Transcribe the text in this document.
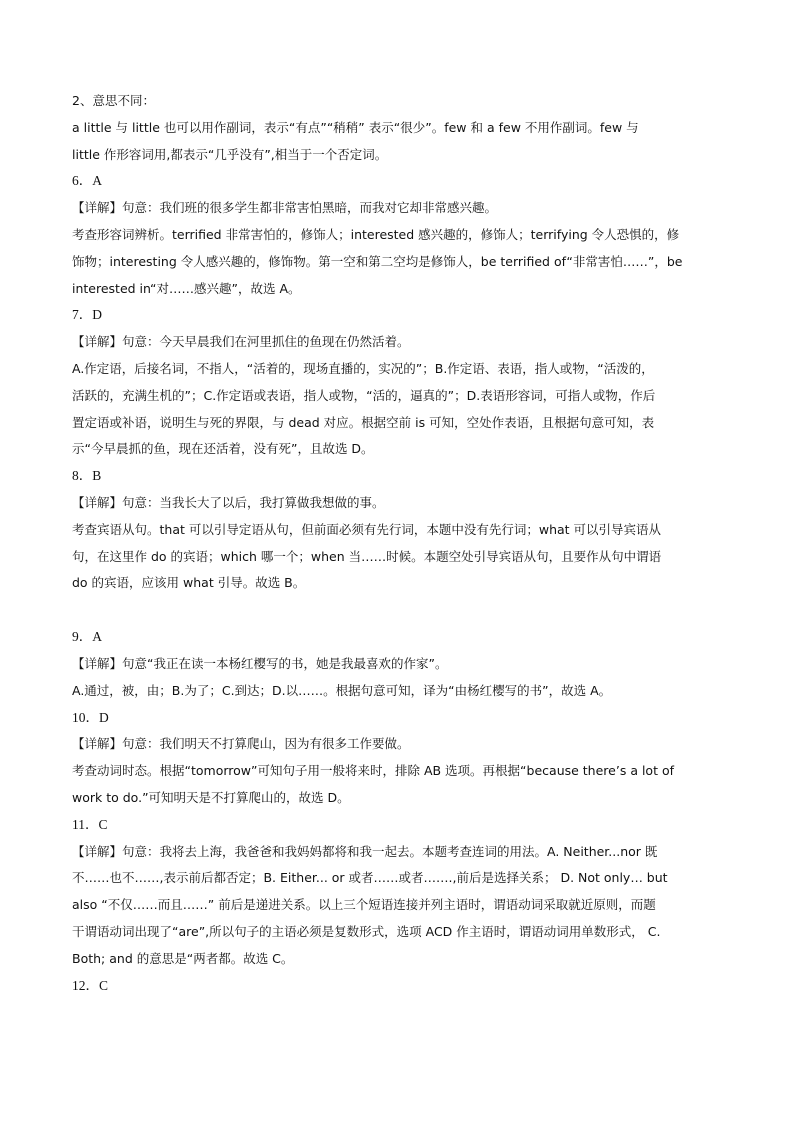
2、意思不同：
a little 与 little 也可以用作副词，表示“有点”“稍稍” 表示“很少”。few 和 a few 不用作副词。few 与
little 作形容词用,都表示“几乎没有”,相当于一个否定词。
6．A
【详解】句意：我们班的很多学生都非常害怕黑暗，而我对它却非常感兴趣。
考查形容词辨析。terrified 非常害怕的，修饰人；interested 感兴趣的，修饰人；terrifying 令人恐惧的，修
饰物；interesting 令人感兴趣的，修饰物。第一空和第二空均是修饰人，be terrified of“非常害怕……”，be
interested in“对……感兴趣”，故选 A。
7．D
【详解】句意：今天早晨我们在河里抓住的鱼现在仍然活着。
A.作定语，后接名词，不指人，“活着的，现场直播的，实况的”；B.作定语、表语，指人或物，“活泼的，
活跃的，充满生机的”；C.作定语或表语，指人或物，“活的，逼真的”；D.表语形容词，可指人或物，作后
置定语或补语，说明生与死的界限，与 dead 对应。根据空前 is 可知，空处作表语，且根据句意可知，表
示“今早晨抓的鱼，现在还活着，没有死”，且故选 D。
8．B
【详解】句意：当我长大了以后，我打算做我想做的事。
考查宾语从句。that 可以引导定语从句，但前面必须有先行词，本题中没有先行词；what 可以引导宾语从
句，在这里作 do 的宾语；which 哪一个；when 当……时候。本题空处引导宾语从句，且要作从句中谓语
do 的宾语，应该用 what 引导。故选 B。
9．A
【详解】句意“我正在读一本杨红樱写的书，她是我最喜欢的作家”。
A.通过，被，由；B.为了；C.到达；D.以……。根据句意可知，译为“由杨红樱写的书”，故选 A。
10．D
【详解】句意：我们明天不打算爬山，因为有很多工作要做。
考查动词时态。根据“tomorrow”可知句子用一般将来时，排除 AB 选项。再根据“because there’s a lot of
work to do.”可知明天是不打算爬山的，故选 D。
11．C
【详解】句意：我将去上海，我爸爸和我妈妈都将和我一起去。本题考查连词的用法。A. Neither...nor 既
不……也不……,表示前后都否定；B. Either... or 或者……或者…….,前后是选择关系； D. Not only… but
also “不仅……而且……” 前后是递进关系。以上三个短语连接并列主语时，谓语动词采取就近原则，而题
干谓语动词出现了“are”,所以句子的主语必须是复数形式，选项 ACD 作主语时，谓语动词用单数形式， C.
Both; and 的意思是“两者都。故选 C。
12．C
